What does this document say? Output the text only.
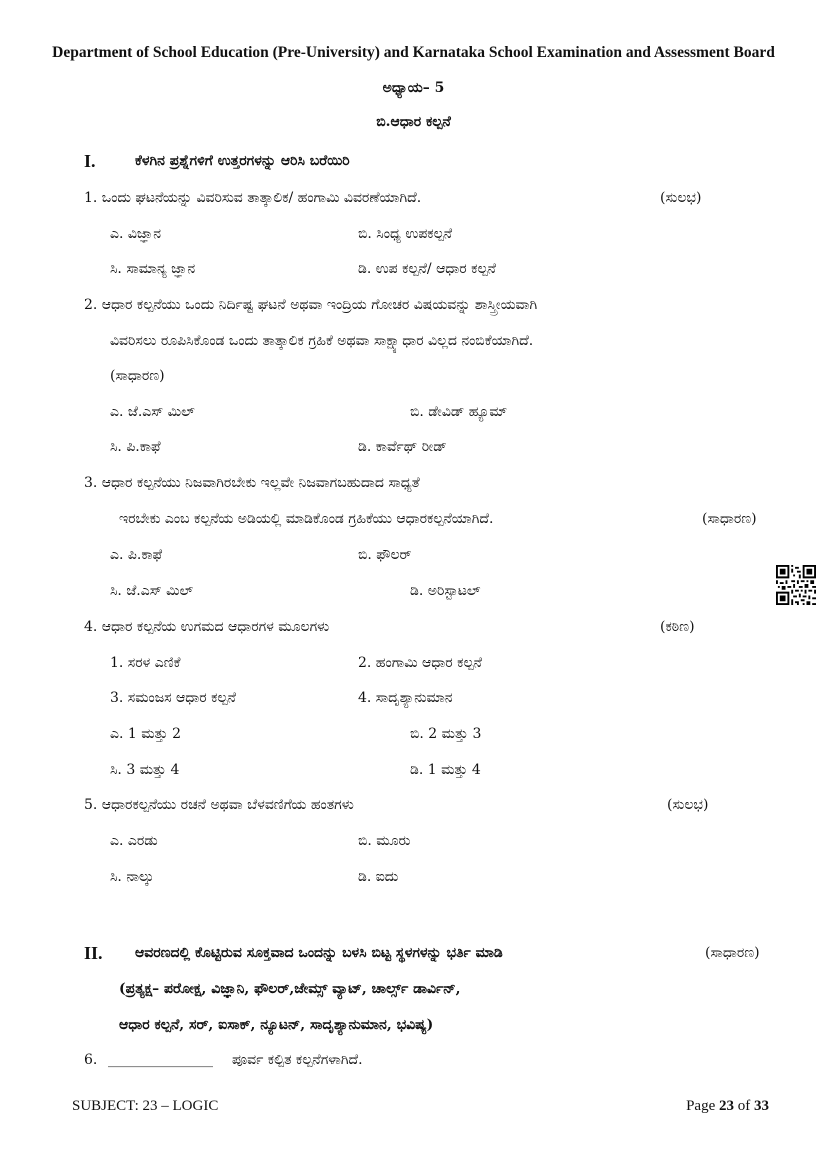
Department of School Education (Pre-University) and Karnataka School Examination and Assessment Board
ಅಧ್ಯಾಯ– 5
ಬಿ.ಆಧಾರ ಕಲ್ಪನೆ
I.	ಕೆಳಗಿನ ಪ್ರಶ್ನೆಗಳಿಗೆ ಉತ್ತರಗಳನ್ನು ಆರಿಸಿ ಬರೆಯಿರಿ
1. ಒಂದು ಘಟನೆಯನ್ನು ವಿವರಿಸುವ ತಾತ್ಕಾಲಿಕ/ ಹಂಗಾಮಿ ವಿವರಣೆಯಾಗಿದೆ.	(ಸುಲಭ)
ಎ. ವಿಜ್ಞಾನ	ಬಿ. ಸಿಂಧ್ಯ ಉಪಕಲ್ಪನೆ
ಸಿ. ಸಾಮಾನ್ಯ ಜ್ಞಾನ	ಡಿ. ಉಪ ಕಲ್ಪನೆ/ ಆಧಾರ ಕಲ್ಪನೆ
2. ಆಧಾರ ಕಲ್ಪನೆಯು ಒಂದು ನಿರ್ದಿಷ್ಟ ಘಟನೆ ಅಥವಾ ಇಂದ್ರಿಯ ಗೋಚರ ವಿಷಯವನ್ನು ಶಾಸ್ತ್ರೀಯವಾಗಿ
ವಿವರಿಸಲು ರೂಪಿಸಿಕೊಂಡ ಒಂದು ತಾತ್ಕಾಲಿಕ ಗ್ರಹಿಕೆ ಅಥವಾ ಸಾಕ್ಷ್ಯಾಧಾರ ವಿಲ್ಲದ ನಂಬಿಕೆಯಾಗಿದೆ.
(ಸಾಧಾರಣ)
ಎ. ಜೆ.ಎಸ್ ಮಿಲ್	ಬಿ. ಡೇವಿಡ್ ಹ್ಯೂಮ್
ಸಿ. ಪಿ.ಕಾಫೆ	ಡಿ. ಕಾರ್ವೆಥ್ ರೀಡ್
3. ಆಧಾರ ಕಲ್ಪನೆಯು ನಿಜವಾಗಿರಬೇಕು ಇಲ್ಲವೇ ನಿಜವಾಗಬಹುದಾದ ಸಾಧ್ಯತೆ
ಇರಬೇಕು ಎಂಬ ಕಲ್ಪನೆಯ ಅಡಿಯಲ್ಲಿ ಮಾಡಿಕೊಂಡ ಗ್ರಹಿಕೆಯು ಆಧಾರಕಲ್ಪನೆಯಾಗಿದೆ.	(ಸಾಧಾರಣ)
ಎ. ಪಿ.ಕಾಫೆ	ಬಿ. ಫೌಲರ್
ಸಿ. ಜೆ.ಎಸ್ ಮಿಲ್	ಡಿ. ಅರಿಸ್ಟಾಟಲ್
4. ಆಧಾರ ಕಲ್ಪನೆಯ ಉಗಮದ ಆಧಾರಗಳ ಮೂಲಗಳು	(ಕಠಿಣ)
1. ಸರಳ ಎಣಿಕೆ	2. ಹಂಗಾಮಿ ಆಧಾರ ಕಲ್ಪನೆ
3. ಸಮಂಜಸ ಆಧಾರ ಕಲ್ಪನೆ	4. ಸಾದೃಶ್ಯಾನುಮಾನ
ಎ. 1 ಮತ್ತು 2	ಬಿ. 2 ಮತ್ತು 3
ಸಿ. 3 ಮತ್ತು 4	ಡಿ. 1 ಮತ್ತು 4
5. ಆಧಾರಕಲ್ಪನೆಯು ರಚನೆ ಅಥವಾ ಬೆಳವಣಿಗೆಯ ಹಂತಗಳು	(ಸುಲಭ)
ಎ. ಎರಡು	ಬಿ. ಮೂರು
ಸಿ. ನಾಲ್ಕು	ಡಿ. ಐದು
II. ಆವರಣದಲ್ಲಿ ಕೊಟ್ಟಿರುವ ಸೂಕ್ತವಾದ ಒಂದನ್ನು ಬಳಸಿ ಬಿಟ್ಟ ಸ್ಥಳಗಳನ್ನು ಭರ್ತಿ ಮಾಡಿ	(ಸಾಧಾರಣ)
(ಪ್ರತ್ಯಕ್ಷ– ಪರೋಕ್ಷ, ವಿಜ್ಞಾನಿ, ಫೌಲರ್,ಜೇಮ್ಸ್ ವ್ಯಾಟ್, ಚಾರ್ಲ್ಸ್ ಡಾರ್ವಿನ್,
ಆಧಾರ ಕಲ್ಪನೆ, ಸರ್, ಐಸಾಕ್, ನ್ಯೂಟನ್, ಸಾದೃಶ್ಯಾನುಮಾನ, ಭವಿಷ್ಯ)
6. _______________ ಪೂರ್ವ ಕಲ್ಪಿತ ಕಲ್ಪನೆಗಳಾಗಿದೆ.
SUBJECT: 23 – LOGIC	Page 23 of 33
